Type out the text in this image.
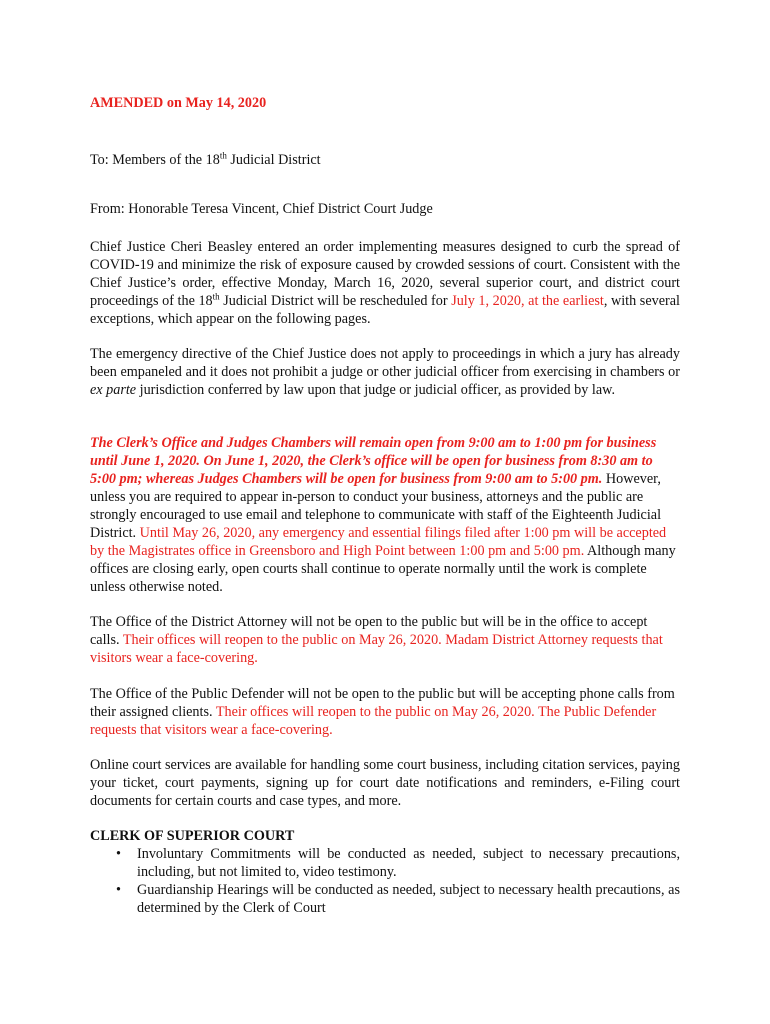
AMENDED on May 14, 2020

To: Members of the 18th Judicial District

From: Honorable Teresa Vincent, Chief District Court Judge

Chief Justice Cheri Beasley entered an order implementing measures designed to curb the spread of COVID-19 and minimize the risk of exposure caused by crowded sessions of court. Consistent with the Chief Justice’s order, effective Monday, March 16, 2020, several superior court, and district court proceedings of the 18th Judicial District will be rescheduled for July 1, 2020, at the earliest, with several exceptions, which appear on the following pages.

The emergency directive of the Chief Justice does not apply to proceedings in which a jury has already been empaneled and it does not prohibit a judge or other judicial officer from exercising in chambers or ex parte jurisdiction conferred by law upon that judge or judicial officer, as provided by law.

The Clerk’s Office and Judges Chambers will remain open from 9:00 am to 1:00 pm for business until June 1, 2020. On June 1, 2020, the Clerk’s office will be open for business from 8:30 am to 5:00 pm; whereas Judges Chambers will be open for business from 9:00 am to 5:00 pm. However, unless you are required to appear in-person to conduct your business, attorneys and the public are strongly encouraged to use email and telephone to communicate with staff of the Eighteenth Judicial District. Until May 26, 2020, any emergency and essential filings filed after 1:00 pm will be accepted by the Magistrates office in Greensboro and High Point between 1:00 pm and 5:00 pm. Although many offices are closing early, open courts shall continue to operate normally until the work is complete unless otherwise noted.

The Office of the District Attorney will not be open to the public but will be in the office to accept calls. Their offices will reopen to the public on May 26, 2020. Madam District Attorney requests that visitors wear a face-covering.

The Office of the Public Defender will not be open to the public but will be accepting phone calls from their assigned clients. Their offices will reopen to the public on May 26, 2020. The Public Defender requests that visitors wear a face-covering.

Online court services are available for handling some court business, including citation services, paying your ticket, court payments, signing up for court date notifications and reminders, e-Filing court documents for certain courts and case types, and more.

CLERK OF SUPERIOR COURT

• Involuntary Commitments will be conducted as needed, subject to necessary precautions, including, but not limited to, video testimony.
• Guardianship Hearings will be conducted as needed, subject to necessary health precautions, as determined by the Clerk of Court
